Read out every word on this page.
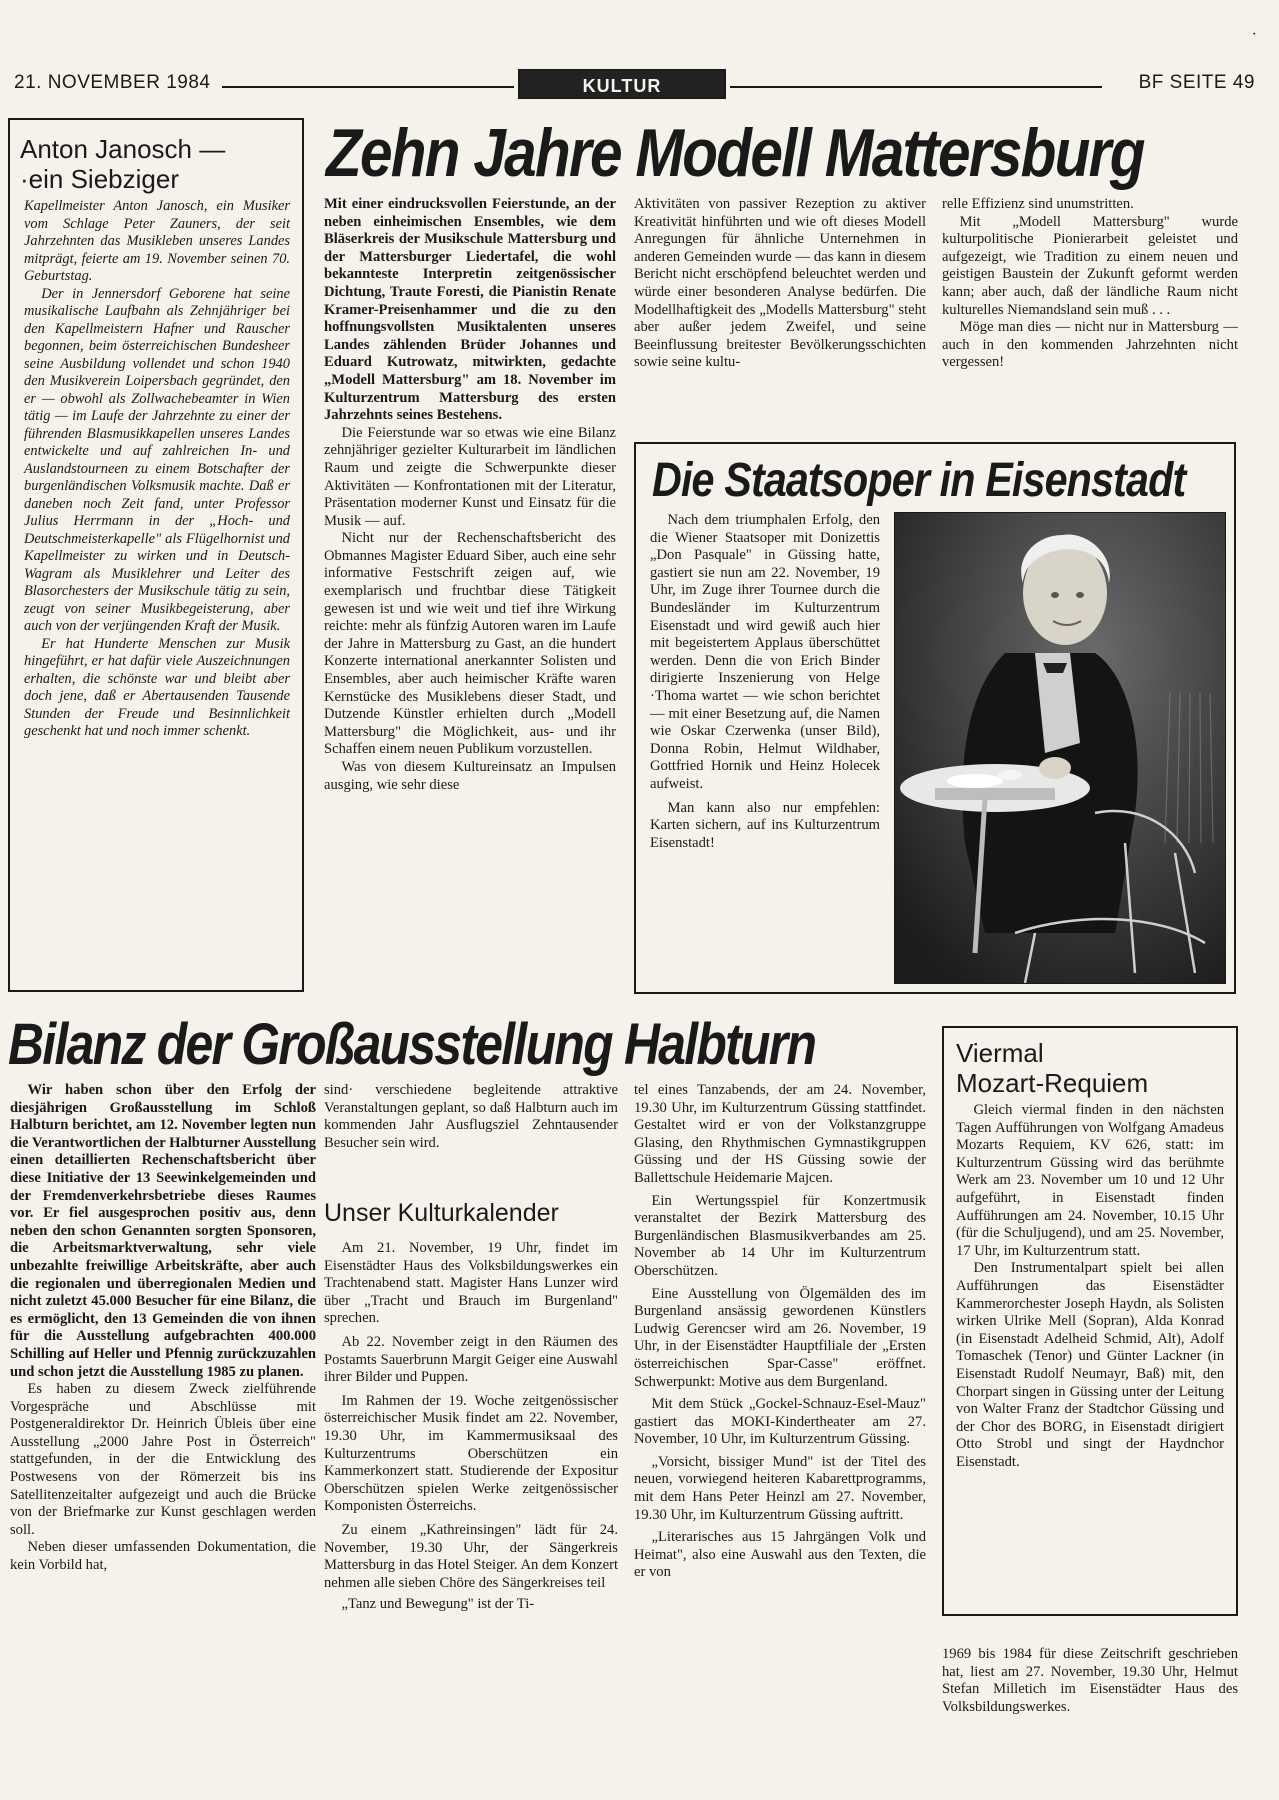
·
21. NOVEMBER 1984	KULTUR	BF SEITE 49
Anton Janosch —
·ein Siebziger

Kapellmeister Anton Janosch, ein Musiker vom Schlage Peter Zauners, der seit Jahrzehnten das Musikleben unseres Landes mitprägt, feierte am 19. November seinen 70. Geburtstag.

Der in Jennersdorf Geborene hat seine musikalische Laufbahn als Zehnjähriger bei den Kapellmeistern Hafner und Rauscher begonnen, beim österreichischen Bundesheer seine Ausbildung vollendet und schon 1940 den Musikverein Loipersbach gegründet, den er — obwohl als Zollwachebeamter in Wien tätig — im Laufe der Jahrzehnte zu einer der führenden Blasmusikkapellen unseres Landes entwickelte und auf zahlreichen In- und Auslandstourneen zu einem Botschafter der burgenländischen Volksmusik machte. Daß er daneben noch Zeit fand, unter Professor Julius Herrmann in der „Hoch- und Deutschmeisterkapelle" als Flügelhornist und Kapellmeister zu wirken und in Deutsch-Wagram als Musiklehrer und Leiter des Blasorchesters der Musikschule tätig zu sein, zeugt von seiner Musikbegeisterung, aber auch von der verjüngenden Kraft der Musik.

Er hat Hunderte Menschen zur Musik hingeführt, er hat dafür viele Auszeichnungen erhalten, die schönste war und bleibt aber doch jene, daß er Abertausenden Tausende Stunden der Freude und Besinnlichkeit geschenkt hat und noch immer schenkt.

Zehn Jahre Modell Mattersburg

Mit einer eindrucksvollen Feierstunde, an der neben einheimischen Ensembles, wie dem Bläserkreis der Musikschule Mattersburg und der Mattersburger Liedertafel, die wohl bekannteste Interpretin zeitgenössischer Dichtung, Traute Foresti, die Pianistin Renate Kramer-Preisenhammer und die zu den hoffnungsvollsten Musiktalenten unseres Landes zählenden Brüder Johannes und Eduard Kutrowatz, mitwirkten, gedachte „Modell Mattersburg" am 18. November im Kulturzentrum Mattersburg des ersten Jahrzehnts seines Bestehens.

Die Feierstunde war so etwas wie eine Bilanz zehnjähriger gezielter Kulturarbeit im ländlichen Raum und zeigte die Schwerpunkte dieser Aktivitäten — Konfrontationen mit der Literatur, Präsentation moderner Kunst und Einsatz für die Musik — auf.

Nicht nur der Rechenschaftsbericht des Obmannes Magister Eduard Siber, auch eine sehr informative Festschrift zeigen auf, wie exemplarisch und fruchtbar diese Tätigkeit gewesen ist und wie weit und tief ihre Wirkung reichte: mehr als fünfzig Autoren waren im Laufe der Jahre in Mattersburg zu Gast, an die hundert Konzerte international anerkannter Solisten und Ensembles, aber auch heimischer Kräfte waren Kernstücke des Musiklebens dieser Stadt, und Dutzende Künstler erhielten durch „Modell Mattersburg" die Möglichkeit, aus- und ihr Schaffen einem neuen Publikum vorzustellen.

Was von diesem Kultureinsatz an Impulsen ausging, wie sehr diese

Aktivitäten von passiver Rezeption zu aktiver Kreativität hinführten und wie oft dieses Modell Anregungen für ähnliche Unternehmen in anderen Gemeinden wurde — das kann in diesem Bericht nicht erschöpfend beleuchtet werden und würde einer besonderen Analyse bedürfen. Die Modellhaftigkeit des „Modells Mattersburg" steht aber außer jedem Zweifel, und seine Beeinflussung breitester Bevölkerungsschichten sowie seine kultu-

relle Effizienz sind unumstritten.

Mit „Modell Mattersburg" wurde kulturpolitische Pionierarbeit geleistet und aufgezeigt, wie Tradition zu einem neuen und geistigen Baustein der Zukunft geformt werden kann; aber auch, daß der ländliche Raum nicht kulturelles Niemandsland sein muß . . .

Möge man dies — nicht nur in Mattersburg — auch in den kommenden Jahrzehnten nicht vergessen!

Die Staatsoper in Eisenstadt

Nach dem triumphalen Erfolg, den die Wiener Staatsoper mit Donizettis „Don Pasquale" in Güssing hatte, gastiert sie nun am 22. November, 19 Uhr, im Zuge ihrer Tournee durch die Bundesländer im Kulturzentrum Eisenstadt und wird gewiß auch hier mit begeistertem Applaus überschüttet werden. Denn die von Erich Binder dirigierte Inszenierung von Helge ·Thoma wartet — wie schon berichtet — mit einer Besetzung auf, die Namen wie Oskar Czerwenka (unser Bild), Donna Robin, Helmut Wildhaber, Gottfried Hornik und Heinz Holecek aufweist.

Man kann also nur empfehlen: Karten sichern, auf ins Kulturzentrum Eisenstadt!

Bilanz der Großausstellung Halbturn

Wir haben schon über den Erfolg der diesjährigen Großausstellung im Schloß Halbturn berichtet, am 12. November legten nun die Verantwortlichen der Halbturner Ausstellung einen detaillierten Rechenschaftsbericht über diese Initiative der 13 Seewinkelgemeinden und der Fremdenverkehrsbetriebe dieses Raumes vor. Er fiel ausgesprochen positiv aus, denn neben den schon Genannten sorgten Sponsoren, die Arbeitsmarktverwaltung, sehr viele unbezahlte freiwillige Arbeitskräfte, aber auch die regionalen und überregionalen Medien und nicht zuletzt 45.000 Besucher für eine Bilanz, die es ermöglicht, den 13 Gemeinden die von ihnen für die Ausstellung aufgebrachten 400.000 Schilling auf Heller und Pfennig zurückzuzahlen und schon jetzt die Ausstellung 1985 zu planen.

Es haben zu diesem Zweck zielführende Vorgespräche und Abschlüsse mit Postgeneraldirektor Dr. Heinrich Übleis über eine Ausstellung „2000 Jahre Post in Österreich" stattgefunden, in der die Entwicklung des Postwesens von der Römerzeit bis ins Satellitenzeitalter aufgezeigt und auch die Brücke von der Briefmarke zur Kunst geschlagen werden soll.

Neben dieser umfassenden Dokumentation, die kein Vorbild hat,

sind· verschiedene begleitende attraktive Veranstaltungen geplant, so daß Halbturn auch im kommenden Jahr Ausflugsziel Zehntausender Besucher sein wird.

Unser Kulturkalender

Am 21. November, 19 Uhr, findet im Eisenstädter Haus des Volksbildungswerkes ein Trachtenabend statt. Magister Hans Lunzer wird über „Tracht und Brauch im Burgenland" sprechen.

Ab 22. November zeigt in den Räumen des Postamts Sauerbrunn Margit Geiger eine Auswahl ihrer Bilder und Puppen.

Im Rahmen der 19. Woche zeitgenössischer österreichischer Musik findet am 22. November, 19.30 Uhr, im Kammermusiksaal des Kulturzentrums Oberschützen ein Kammerkonzert statt. Studierende der Expositur Oberschützen spielen Werke zeitgenössischer Komponisten Österreichs.

Zu einem „Kathreinsingen" lädt für 24. November, 19.30 Uhr, der Sängerkreis Mattersburg in das Hotel Steiger. An dem Konzert nehmen alle sieben Chöre des Sängerkreises teil

„Tanz und Bewegung" ist der Ti-

tel eines Tanzabends, der am 24. November, 19.30 Uhr, im Kulturzentrum Güssing stattfindet. Gestaltet wird er von der Volkstanzgruppe Glasing, den Rhythmischen Gymnastikgruppen Güssing und der HS Güssing sowie der Ballettschule Heidemarie Majcen.

Ein Wertungsspiel für Konzertmusik veranstaltet der Bezirk Mattersburg des Burgenländischen Blasmusikverbandes am 25. November ab 14 Uhr im Kulturzentrum Oberschützen.

Eine Ausstellung von Ölgemälden des im Burgenland ansässig gewordenen Künstlers Ludwig Gerencser wird am 26. November, 19 Uhr, in der Eisenstädter Hauptfiliale der „Ersten österreichischen Spar-Casse" eröffnet. Schwerpunkt: Motive aus dem Burgenland.

Mit dem Stück „Gockel-Schnauz-Esel-Mauz" gastiert das MOKI-Kindertheater am 27. November, 10 Uhr, im Kulturzentrum Güssing.

„Vorsicht, bissiger Mund" ist der Titel des neuen, vorwiegend heiteren Kabarettprogramms, mit dem Hans Peter Heinzl am 27. November, 19.30 Uhr, im Kulturzentrum Güssing auftritt.

„Literarisches aus 15 Jahrgängen Volk und Heimat", also eine Auswahl aus den Texten, die er von

Viermal
Mozart-Requiem

Gleich viermal finden in den nächsten Tagen Aufführungen von Wolfgang Amadeus Mozarts Requiem, KV 626, statt: im Kulturzentrum Güssing wird das berühmte Werk am 23. November um 10 und 12 Uhr aufgeführt, in Eisenstadt finden Aufführungen am 24. November, 10.15 Uhr (für die Schuljugend), und am 25. November, 17 Uhr, im Kulturzentrum statt.

Den Instrumentalpart spielt bei allen Aufführungen das Eisenstädter Kammerorchester Joseph Haydn, als Solisten wirken Ulrike Mell (Sopran), Alda Konrad (in Eisenstadt Adelheid Schmid, Alt), Adolf Tomaschek (Tenor) und Günter Lackner (in Eisenstadt Rudolf Neumayr, Baß) mit, den Chorpart singen in Güssing unter der Leitung von Walter Franz der Stadtchor Güssing und der Chor des BORG, in Eisenstadt dirigiert Otto Strobl und singt der Haydnchor Eisenstadt.

1969 bis 1984 für diese Zeitschrift geschrieben hat, liest am 27. November, 19.30 Uhr, Helmut Stefan Milletich im Eisenstädter Haus des Volksbildungswerkes.
